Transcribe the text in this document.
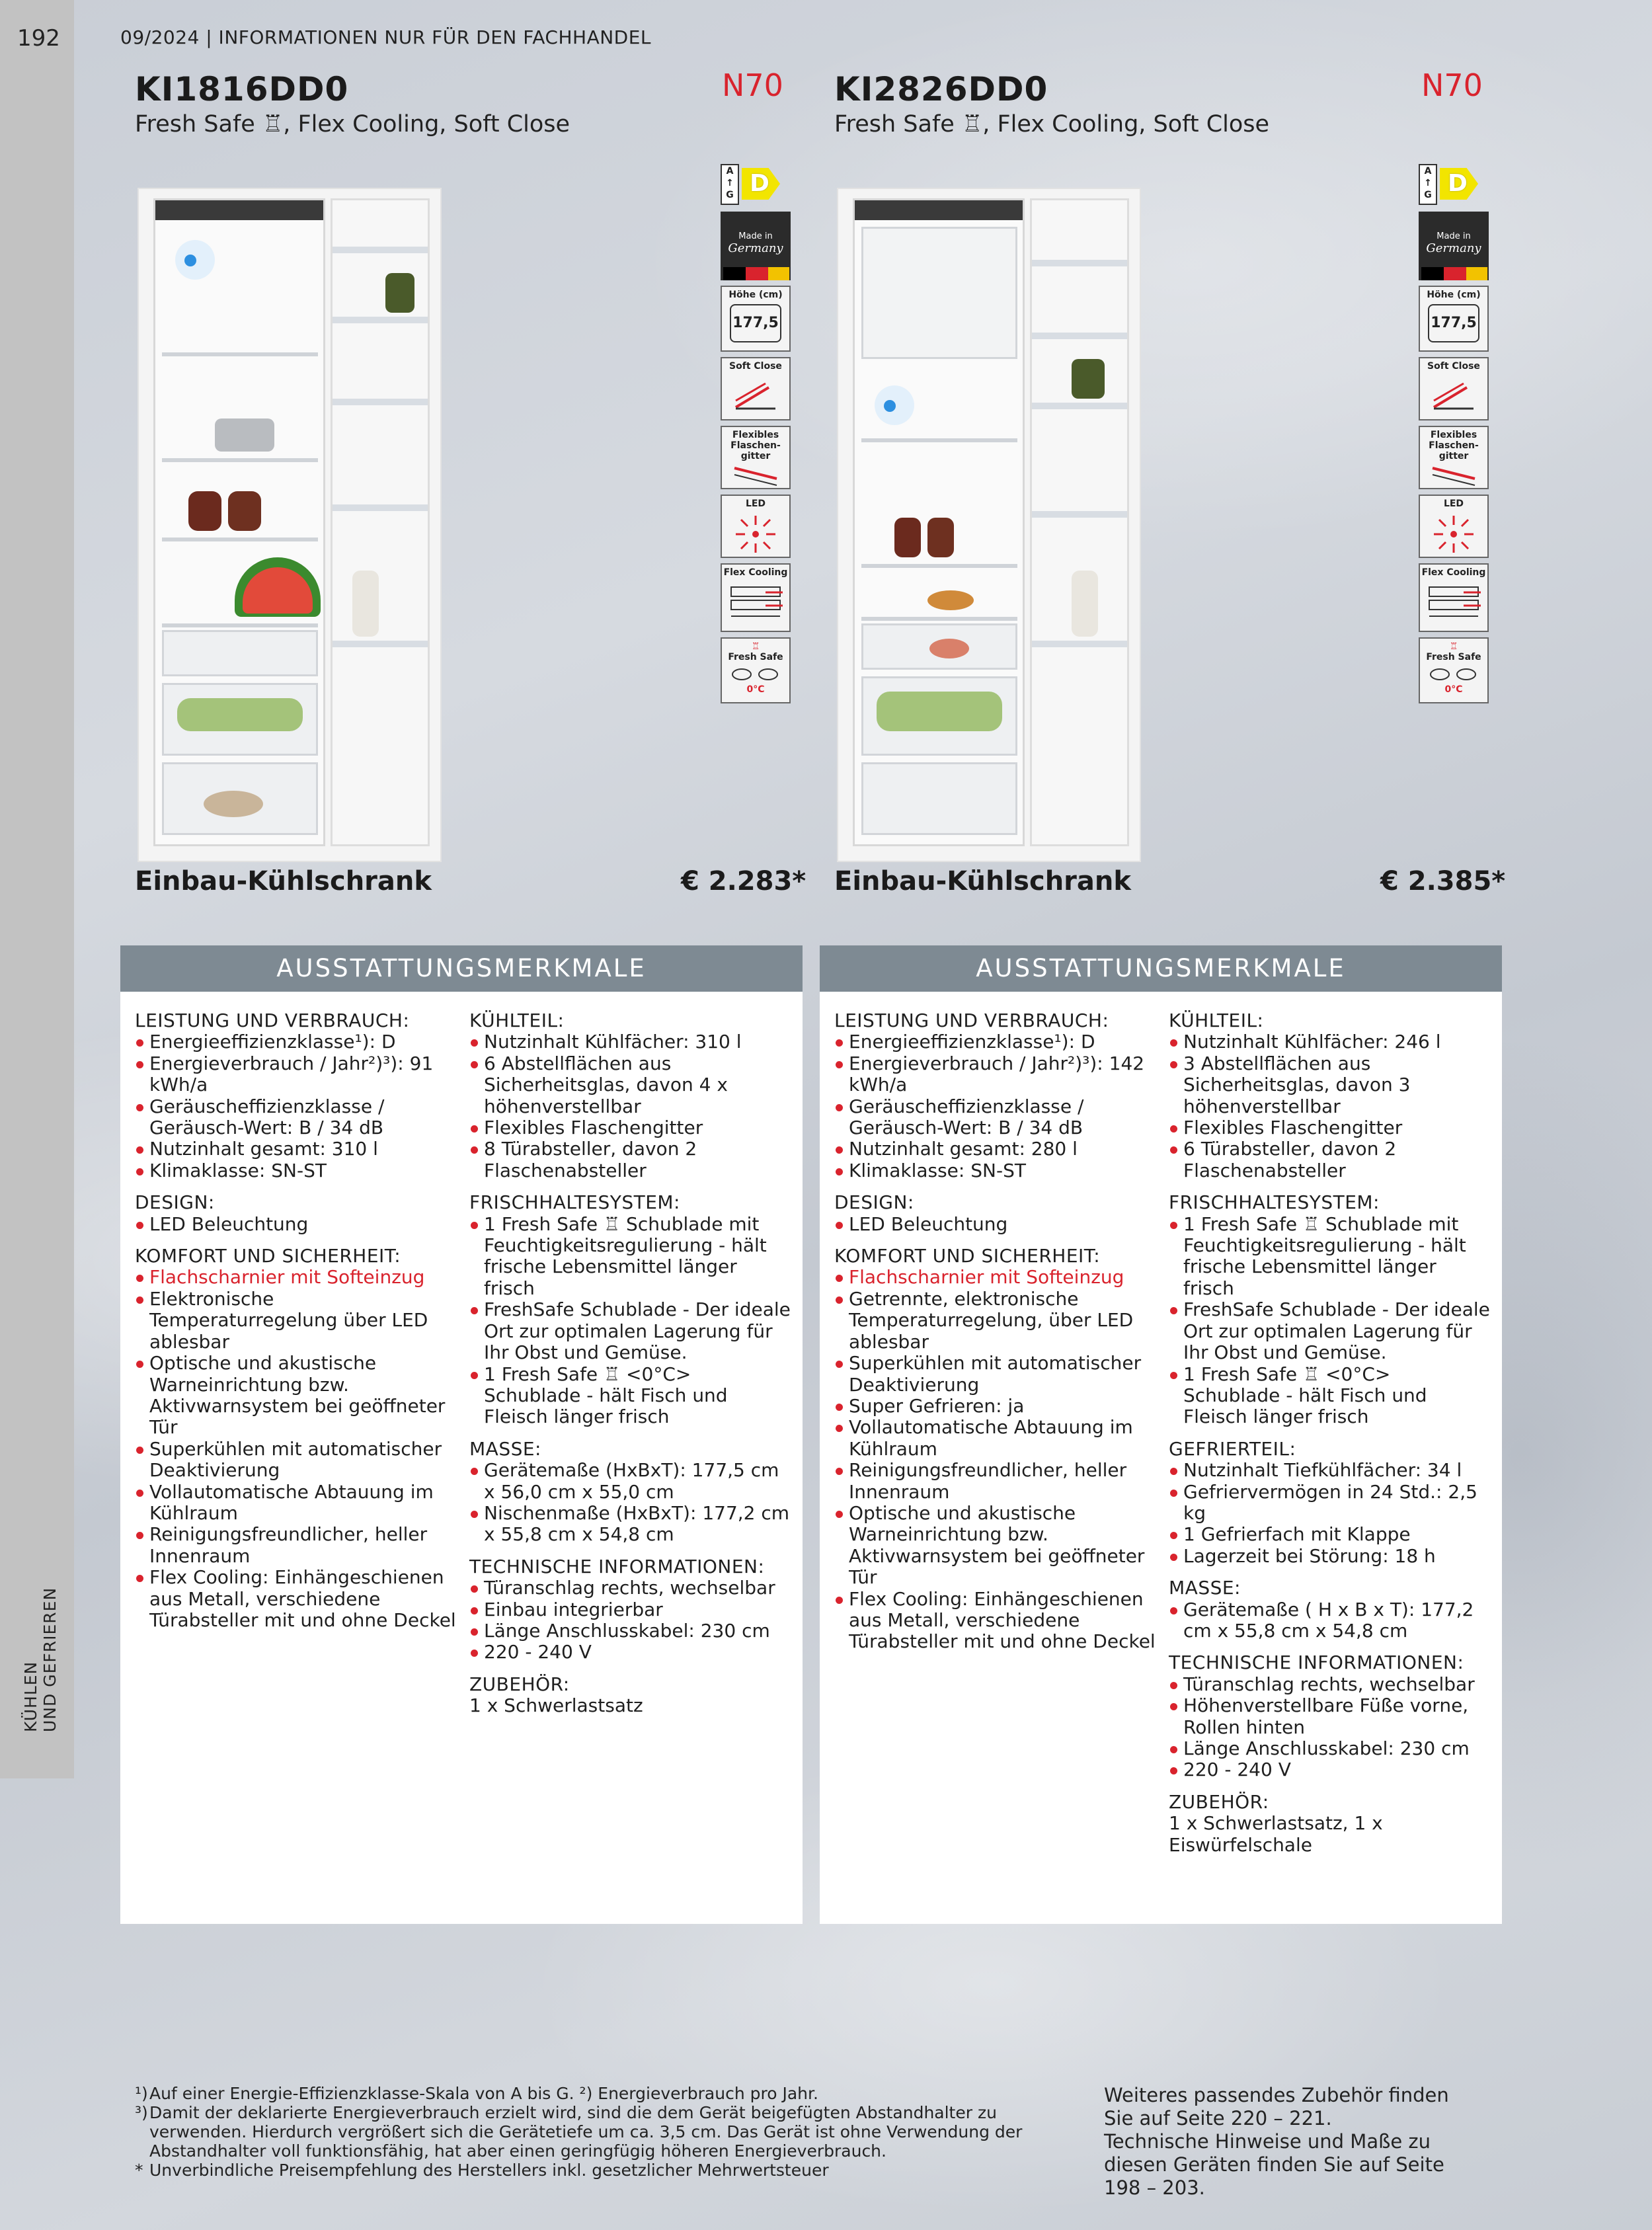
192
KÜHLEN UND GEFRIEREN
09/2024 | INFORMATIONEN NUR FÜR DEN FACHHANDEL
KI1816DD0	N70
Fresh Safe ♖, Flex Cooling, Soft Close
A
↑
G D
Made in
Germany
Höhe (cm)
177,5
Soft Close
Flexibles
Flaschen-
gitter
LED
Flex Cooling
♖
Fresh Safe
0°C
Einbau-Kühlschrank	€ 2.283*
AUSSTATTUNGSMERKMALE
LEISTUNG UND VERBRAUCH:
Energieeffizienzklasse¹): D
Energieverbrauch / Jahr²)³): 91 kWh/a
Geräuscheffizienzklasse / Geräusch-Wert: B / 34 dB
Nutzinhalt gesamt: 310 l
Klimaklasse: SN-ST
DESIGN:
LED Beleuchtung
KOMFORT UND SICHERHEIT:
Flachscharnier mit Softeinzug
Elektronische Temperaturregelung über LED ablesbar
Optische und akustische Warneinrichtung bzw. Aktivwarnsystem bei geöffneter Tür
Superkühlen mit automatischer Deaktivierung
Vollautomatische Abtauung im Kühlraum
Reinigungsfreundlicher, heller Innenraum
Flex Cooling: Einhängeschienen aus Metall, verschiedene Türabsteller mit und ohne Deckel
KÜHLTEIL:
Nutzinhalt Kühlfächer: 310 l
6 Abstellflächen aus Sicherheitsglas, davon 4 x höhenverstellbar
Flexibles Flaschengitter
8 Türabsteller, davon 2 Flaschenabsteller
FRISCHHALTESYSTEM:
1 Fresh Safe ♖ Schublade mit Feuchtigkeitsregulierung - hält frische Lebensmittel länger frisch
FreshSafe Schublade - Der ideale Ort zur optimalen Lagerung für Ihr Obst und Gemüse.
1 Fresh Safe ♖ <0°C> Schublade - hält Fisch und Fleisch länger frisch
MASSE:
Gerätemaße (HxBxT): 177,5 cm x 56,0 cm x 55,0 cm
Nischenmaße (HxBxT): 177,2 cm x 55,8 cm x 54,8 cm
TECHNISCHE INFORMATIONEN:
Türanschlag rechts, wechselbar
Einbau integrierbar
Länge Anschlusskabel: 230 cm
220 - 240 V
ZUBEHÖR:
1 x Schwerlastsatz
KI2826DD0	N70
Fresh Safe ♖, Flex Cooling, Soft Close
A
↑
G D
Made in
Germany
Höhe (cm)
177,5
Soft Close
Flexibles
Flaschen-
gitter
LED
Flex Cooling
♖
Fresh Safe
0°C
Einbau-Kühlschrank	€ 2.385*
AUSSTATTUNGSMERKMALE
LEISTUNG UND VERBRAUCH:
Energieeffizienzklasse¹): D
Energieverbrauch / Jahr²)³): 142 kWh/a
Geräuscheffizienzklasse / Geräusch-Wert: B / 34 dB
Nutzinhalt gesamt: 280 l
Klimaklasse: SN-ST
DESIGN:
LED Beleuchtung
KOMFORT UND SICHERHEIT:
Flachscharnier mit Softeinzug
Getrennte, elektronische Temperaturregelung, über LED ablesbar
Superkühlen mit automatischer Deaktivierung
Super Gefrieren: ja
Vollautomatische Abtauung im Kühlraum
Reinigungsfreundlicher, heller Innenraum
Optische und akustische Warneinrichtung bzw. Aktivwarnsystem bei geöffneter Tür
Flex Cooling: Einhängeschienen aus Metall, verschiedene Türabsteller mit und ohne Deckel
KÜHLTEIL:
Nutzinhalt Kühlfächer: 246 l
3 Abstellflächen aus Sicherheitsglas, davon 3 höhenverstellbar
Flexibles Flaschengitter
6 Türabsteller, davon 2 Flaschenabsteller
FRISCHHALTESYSTEM:
1 Fresh Safe ♖ Schublade mit Feuchtigkeitsregulierung - hält frische Lebensmittel länger frisch
FreshSafe Schublade - Der ideale Ort zur optimalen Lagerung für Ihr Obst und Gemüse.
1 Fresh Safe ♖ <0°C> Schublade - hält Fisch und Fleisch länger frisch
GEFRIERTEIL:
Nutzinhalt Tiefkühlfächer: 34 l
Gefriervermögen in 24 Std.: 2,5 kg
1 Gefrierfach mit Klappe
Lagerzeit bei Störung: 18 h
MASSE:
Gerätemaße ( H x B x T): 177,2 cm x 55,8 cm x 54,8 cm
TECHNISCHE INFORMATIONEN:
Türanschlag rechts, wechselbar
Höhenverstellbare Füße vorne, Rollen hinten
Länge Anschlusskabel: 230 cm
220 - 240 V
ZUBEHÖR:
1 x Schwerlastsatz, 1 x Eiswürfelschale
¹) Auf einer Energie-Effizienzklasse-Skala von A bis G. ²) Energieverbrauch pro Jahr.
³) Damit der deklarierte Energieverbrauch erzielt wird, sind die dem Gerät beigefügten Abstandhalter zu verwenden. Hierdurch vergrößert sich die Gerätetiefe um ca. 3,5 cm. Das Gerät ist ohne Verwendung der Abstandhalter voll funktionsfähig, hat aber einen geringfügig höheren Energieverbrauch.
* Unverbindliche Preisempfehlung des Herstellers inkl. gesetzlicher Mehrwertsteuer
Weiteres passendes Zubehör finden Sie auf Seite 220 – 221.
Technische Hinweise und Maße zu diesen Geräten finden Sie auf Seite 198 – 203.
